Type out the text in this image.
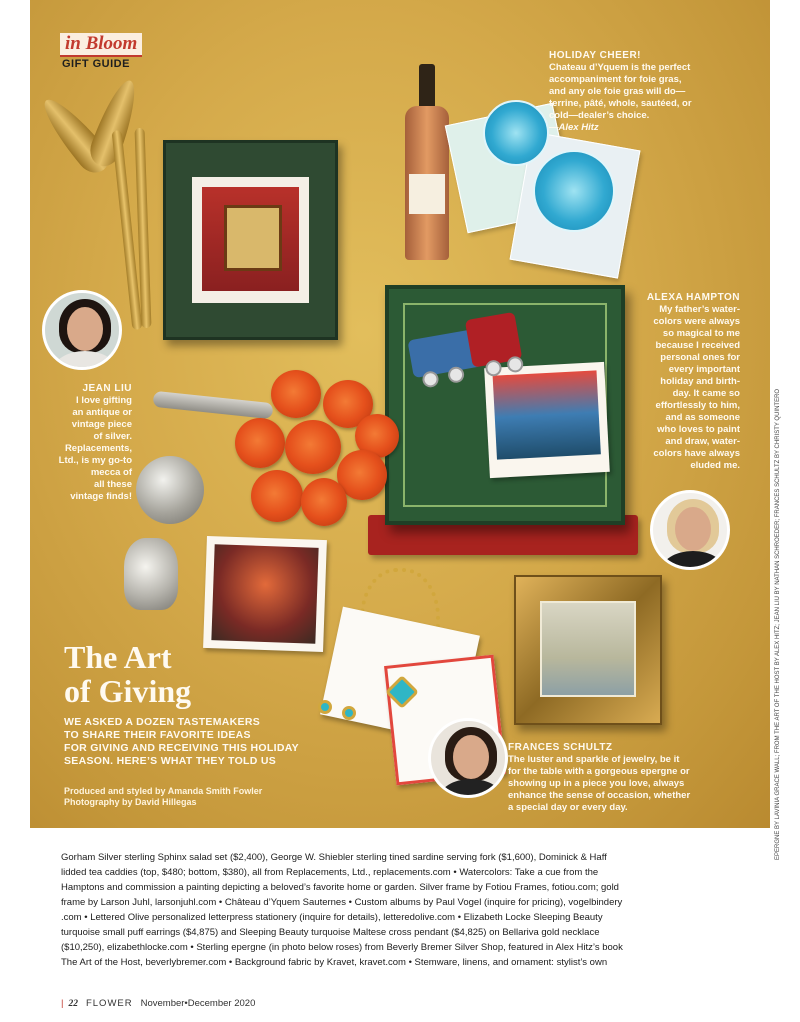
in Bloom
GIFT GUIDE
HOLIDAY CHEER!
Chateau d’Yquem is the perfect
accompaniment for foie gras,
and any ole foie gras will do—
terrine, pâté, whole, sautéed, or
cold—dealer’s choice.
—Alex Hitz
ALEXA HAMPTON
My father’s water-
colors were always
so magical to me
because I received
personal ones for
every important
holiday and birth-
day. It came so
effortlessly to him,
and as someone
who loves to paint
and draw, water-
colors have always
eluded me.
JEAN LIU
I love gifting
an antique or
vintage piece
of silver.
Replacements,
Ltd., is my go-to
mecca of
all these
vintage finds!
FRANCES SCHULTZ
The luster and sparkle of jewelry, be it
for the table with a gorgeous epergne or
showing up in a piece you love, always
enhance the sense of occasion, whether
a special day or every day.
The Art
of Giving
WE ASKED A DOZEN TASTEMAKERS
TO SHARE THEIR FAVORITE IDEAS
FOR GIVING AND RECEIVING THIS HOLIDAY
SEASON. HERE’S WHAT THEY TOLD US
Produced and styled by Amanda Smith Fowler
Photography by David Hillegas
Gorham Silver sterling Sphinx salad set ($2,400), George W. Shiebler sterling tined sardine serving fork ($1,600), Dominick & Haff
lidded tea caddies (top, $480; bottom, $380), all from Replacements, Ltd., replacements.com • Watercolors: Take a cue from the
Hamptons and commission a painting depicting a beloved’s favorite home or garden. Silver frame by Fotiou Frames, fotiou.com; gold
frame by Larson Juhl, larsonjuhl.com • Château d’Yquem Sauternes • Custom albums by Paul Vogel (inquire for pricing), vogelbindery
.com • Lettered Olive personalized letterpress stationery (inquire for details), letteredolive.com • Elizabeth Locke Sleeping Beauty
turquoise small puff earrings ($4,875) and Sleeping Beauty turquoise Maltese cross pendant ($4,825) on Bellariva gold necklace
($10,250), elizabethlocke.com • Sterling epergne (in photo below roses) from Beverly Bremer Silver Shop, featured in Alex Hitz’s book
The Art of the Host, beverlybremer.com • Background fabric by Kravet, kravet.com • Stemware, linens, and ornament: stylist’s own
EPERGNE BY LAVINIA GRACE WALL; FROM THE ART OF THE HOST BY ALEX HITZ; JEAN LIU BY NATHAN SCHROEDER; FRANCES SCHULTZ BY CHRISTY QUINTERO
| 22 FLOWER November•December 2020
